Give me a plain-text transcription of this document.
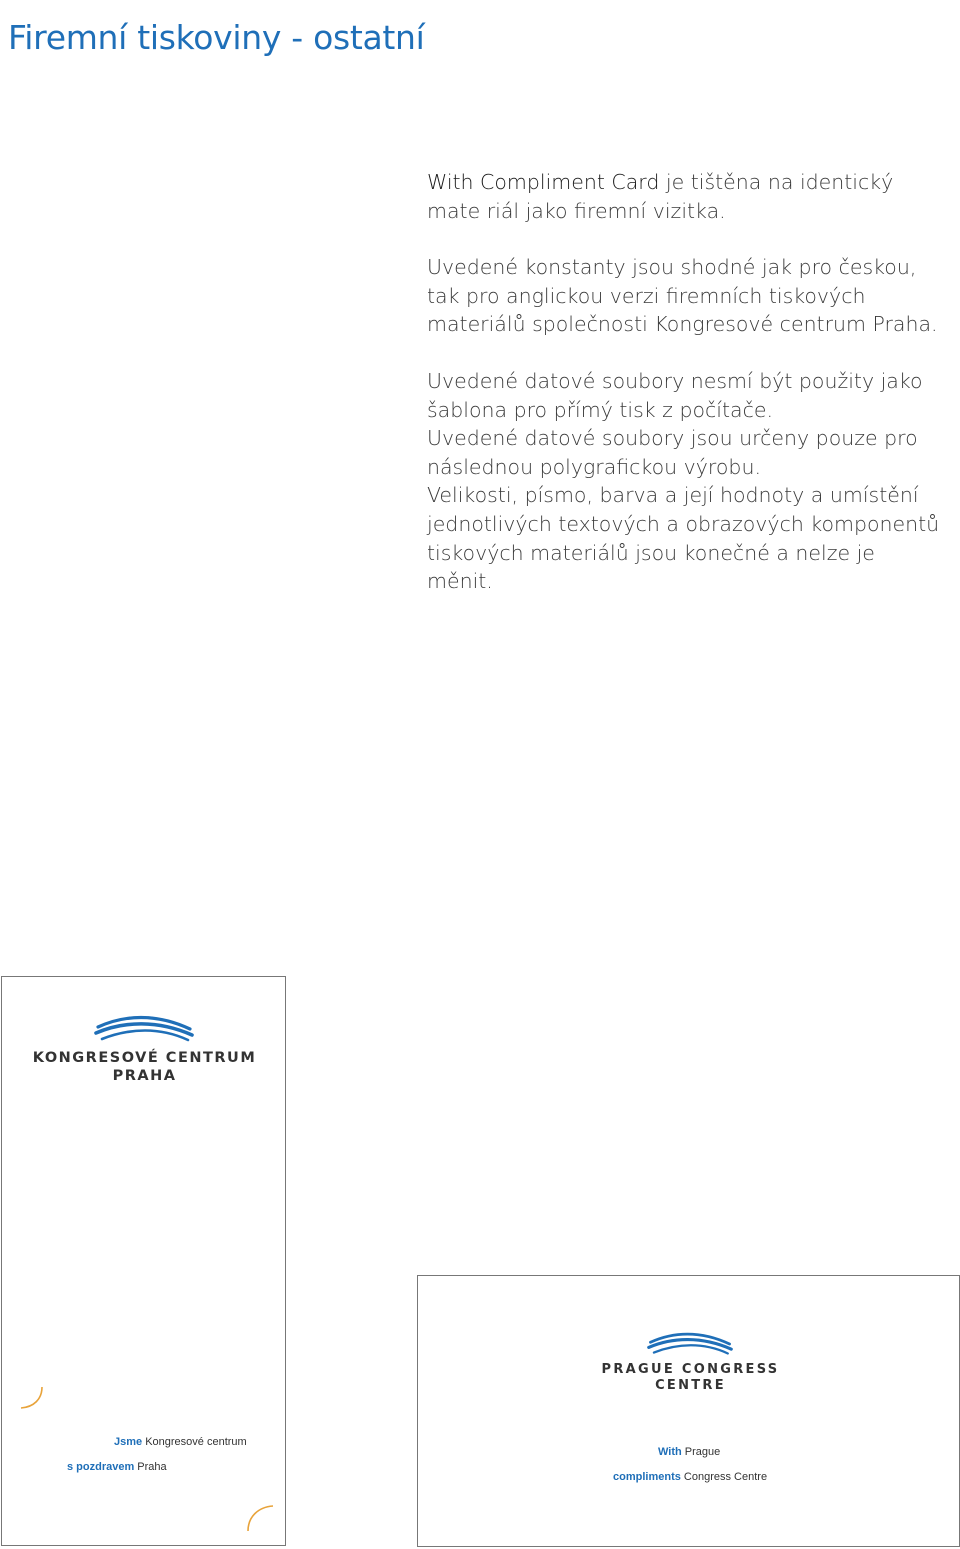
Firemní tiskoviny - ostatní

With Compliment Card je tištěna na identický mate riál jako firemní vizitka.

Uvedené konstanty jsou shodné jak pro českou, tak pro anglickou verzi firemních tiskových materiálů společnosti Kongresové centrum Praha.

Uvedené datové soubory nesmí být použity jako šablona pro přímý tisk z počítače.

Uvedené datové soubory jsou určeny pouze pro následnou polygrafickou výrobu.

Velikosti, písmo, barva a její hodnoty a umístění jednotlivých textových a obrazových komponentů tiskových materiálů jsou konečné a nelze je měnit.

KONGRESOVÉ CENTRUM
PRAHA
Jsme Kongresové centrum
s pozdravem Praha
PRAGUE CONGRESS
CENTRE
With Prague
compliments Congress Centre
